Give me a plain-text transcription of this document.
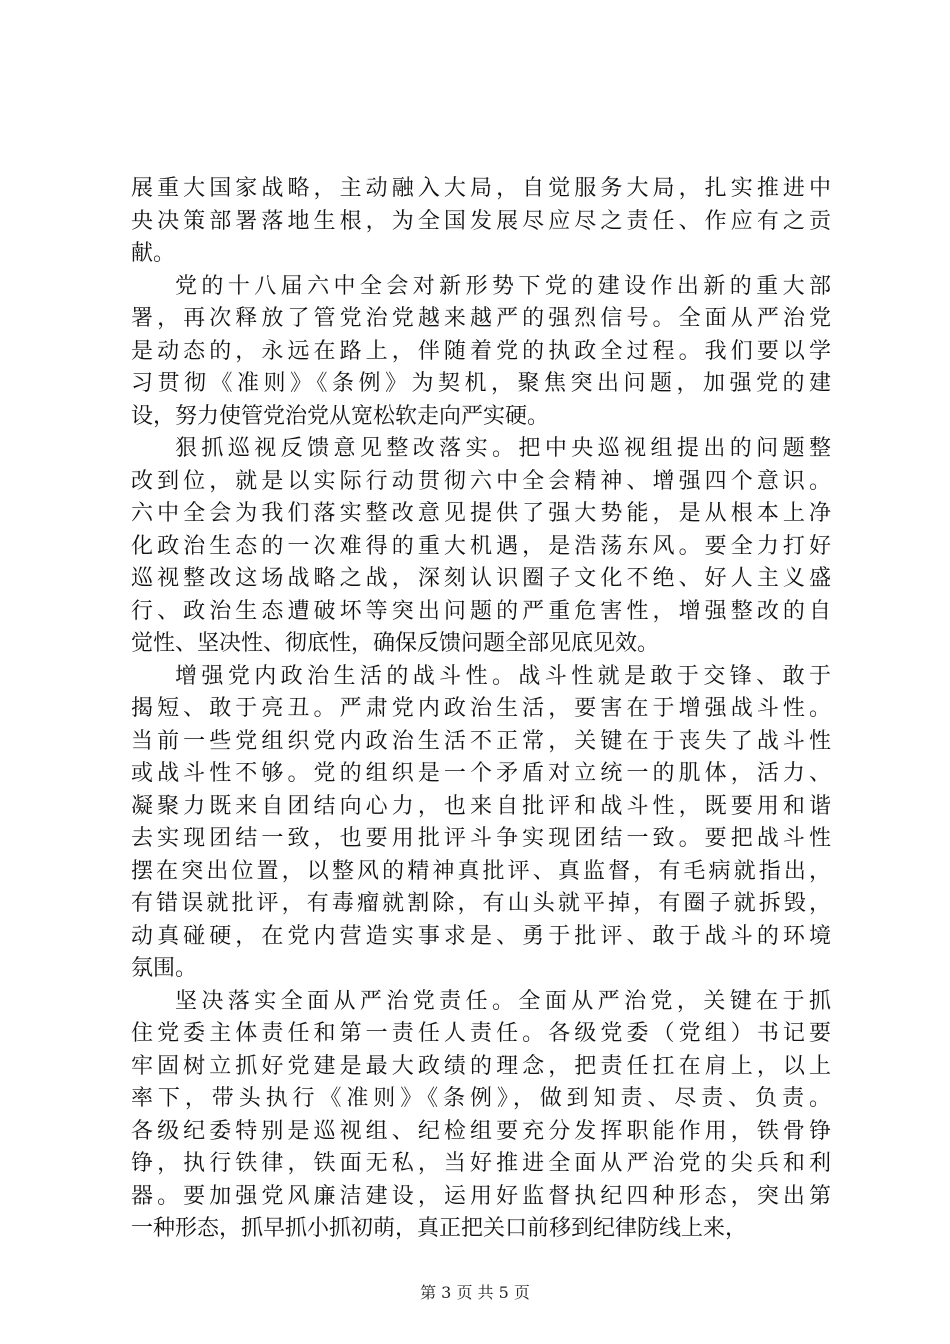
展重大国家战略，主动融入大局，自觉服务大局，扎实推进中
央决策部署落地生根，为全国发展尽应尽之责任、作应有之贡
献。
党的十八届六中全会对新形势下党的建设作出新的重大部
署，再次释放了管党治党越来越严的强烈信号。全面从严治党
是动态的，永远在路上，伴随着党的执政全过程。我们要以学
习贯彻《准则》《条例》为契机，聚焦突出问题，加强党的建
设，努力使管党治党从宽松软走向严实硬。
狠抓巡视反馈意见整改落实。把中央巡视组提出的问题整
改到位，就是以实际行动贯彻六中全会精神、增强四个意识。
六中全会为我们落实整改意见提供了强大势能，是从根本上净
化政治生态的一次难得的重大机遇，是浩荡东风。要全力打好
巡视整改这场战略之战，深刻认识圈子文化不绝、好人主义盛
行、政治生态遭破坏等突出问题的严重危害性，增强整改的自
觉性、坚决性、彻底性，确保反馈问题全部见底见效。
增强党内政治生活的战斗性。战斗性就是敢于交锋、敢于
揭短、敢于亮丑。严肃党内政治生活，要害在于增强战斗性。
当前一些党组织党内政治生活不正常，关键在于丧失了战斗性
或战斗性不够。党的组织是一个矛盾对立统一的肌体，活力、
凝聚力既来自团结向心力，也来自批评和战斗性，既要用和谐
去实现团结一致，也要用批评斗争实现团结一致。要把战斗性
摆在突出位置，以整风的精神真批评、真监督，有毛病就指出，
有错误就批评，有毒瘤就割除，有山头就平掉，有圈子就拆毁，
动真碰硬，在党内营造实事求是、勇于批评、敢于战斗的环境
氛围。
坚决落实全面从严治党责任。全面从严治党，关键在于抓
住党委主体责任和第一责任人责任。各级党委（党组）书记要
牢固树立抓好党建是最大政绩的理念，把责任扛在肩上，以上
率下，带头执行《准则》《条例》，做到知责、尽责、负责。
各级纪委特别是巡视组、纪检组要充分发挥职能作用，铁骨铮
铮，执行铁律，铁面无私，当好推进全面从严治党的尖兵和利
器。要加强党风廉洁建设，运用好监督执纪四种形态，突出第
一种形态，抓早抓小抓初萌，真正把关口前移到纪律防线上来，
第 3 页 共 5 页
